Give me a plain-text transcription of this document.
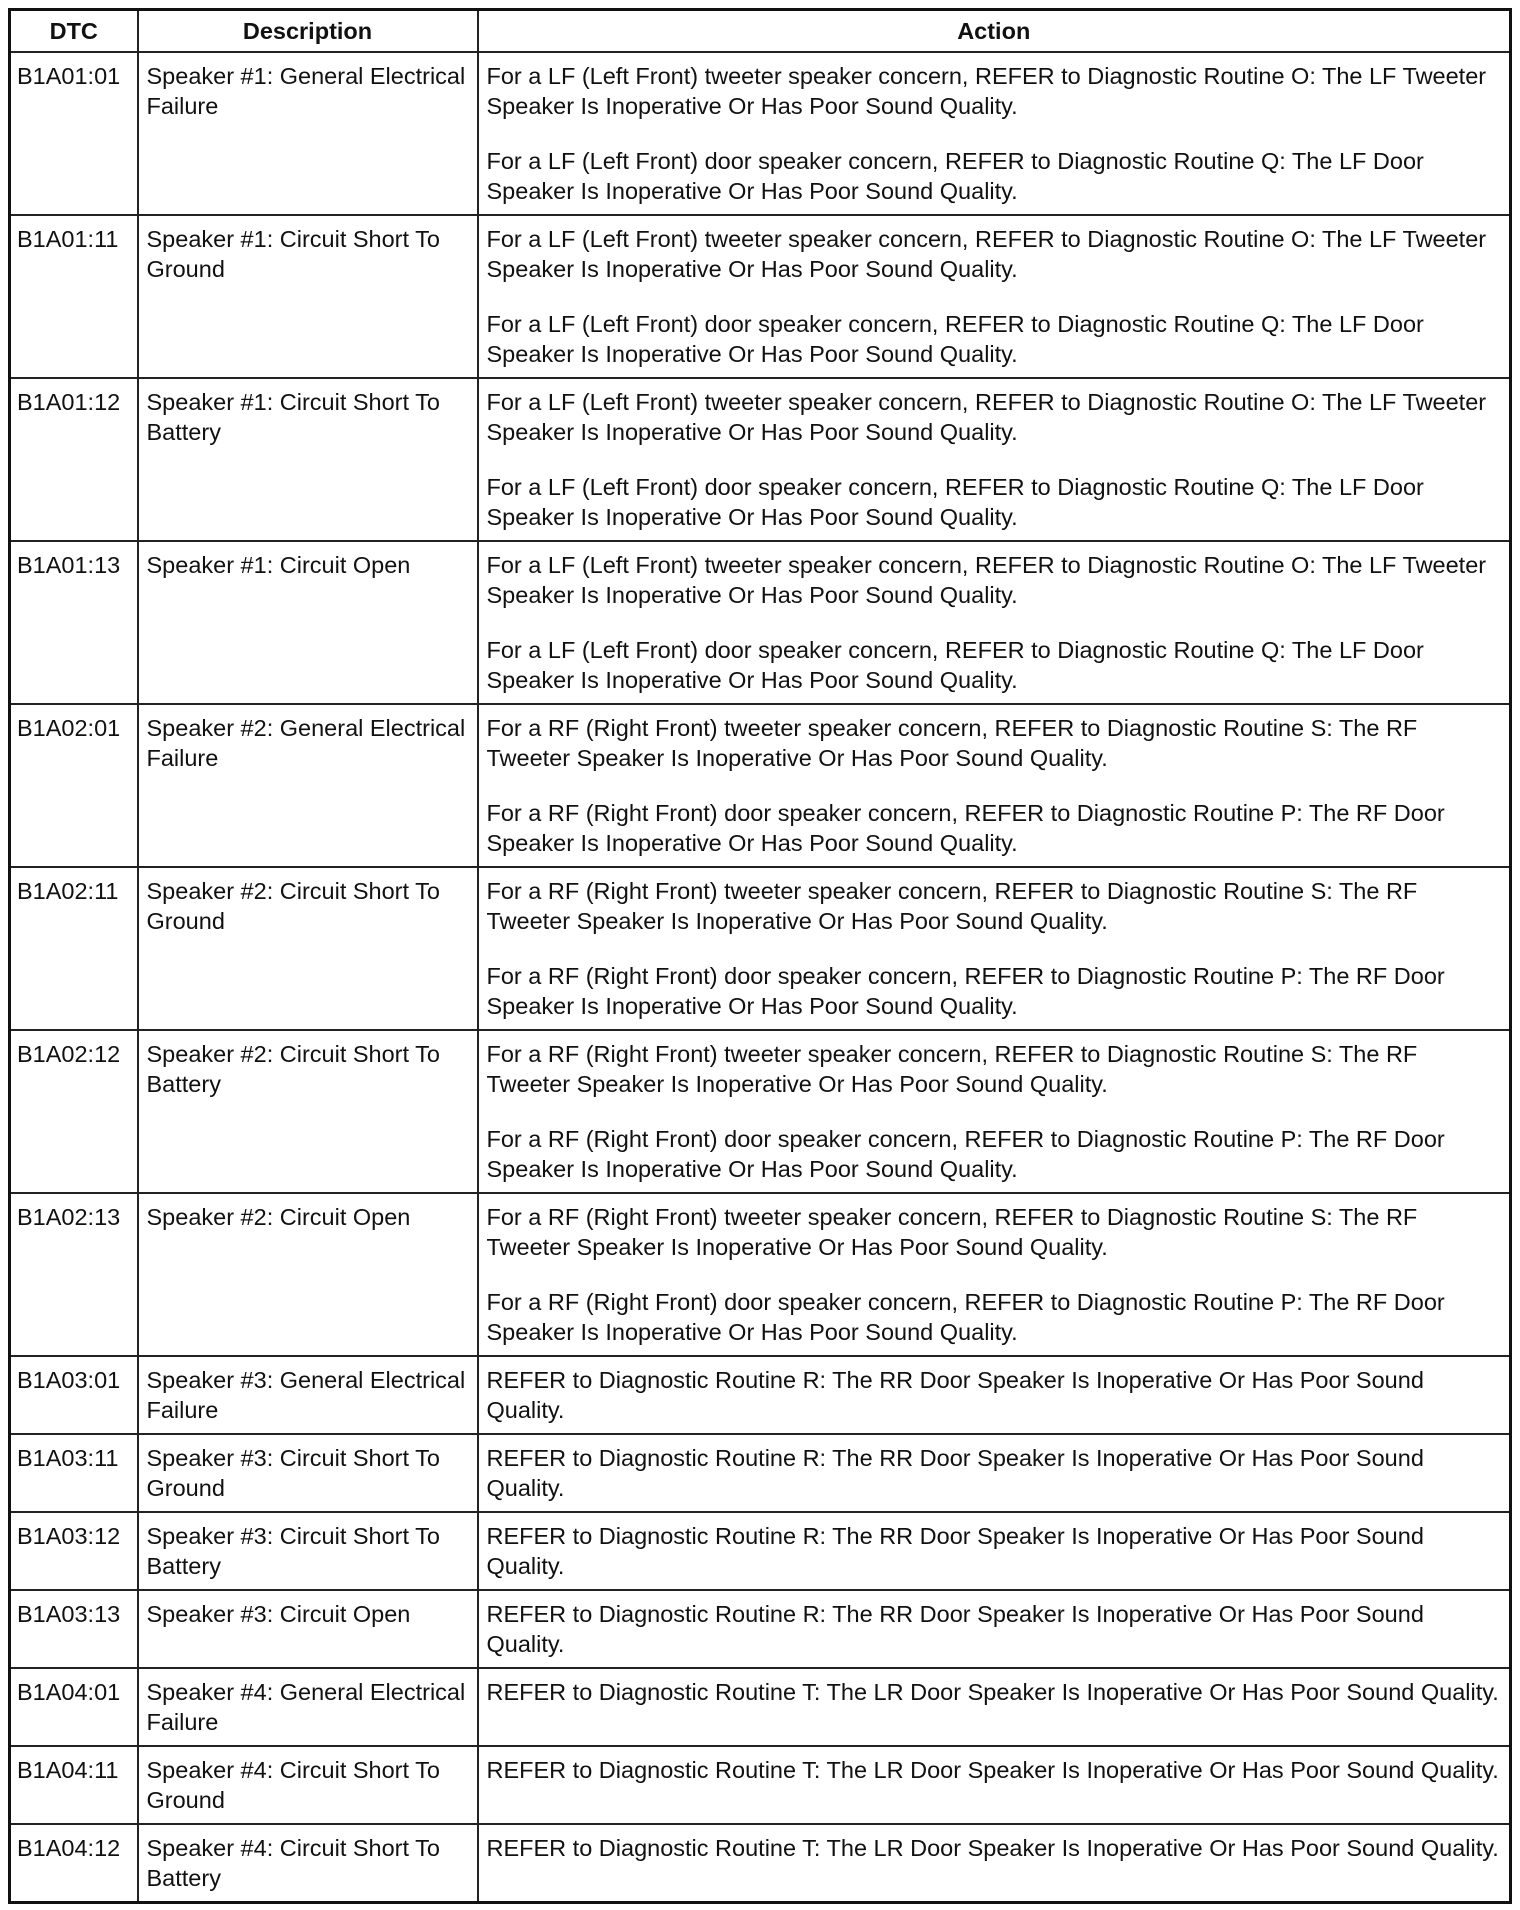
DTC	Description	Action
B1A01:01	Speaker #1: General Electrical Failure	For a LF (Left Front) tweeter speaker concern, REFER to Diagnostic Routine O: The LF Tweeter Speaker Is Inoperative Or Has Poor Sound Quality.
For a LF (Left Front) door speaker concern, REFER to Diagnostic Routine Q: The LF Door Speaker Is Inoperative Or Has Poor Sound Quality.

B1A01:11	Speaker #1: Circuit Short To Ground	For a LF (Left Front) tweeter speaker concern, REFER to Diagnostic Routine O: The LF Tweeter Speaker Is Inoperative Or Has Poor Sound Quality.
For a LF (Left Front) door speaker concern, REFER to Diagnostic Routine Q: The LF Door Speaker Is Inoperative Or Has Poor Sound Quality.

B1A01:12	Speaker #1: Circuit Short To Battery	For a LF (Left Front) tweeter speaker concern, REFER to Diagnostic Routine O: The LF Tweeter Speaker Is Inoperative Or Has Poor Sound Quality.
For a LF (Left Front) door speaker concern, REFER to Diagnostic Routine Q: The LF Door Speaker Is Inoperative Or Has Poor Sound Quality.

B1A01:13	Speaker #1: Circuit Open	For a LF (Left Front) tweeter speaker concern, REFER to Diagnostic Routine O: The LF Tweeter Speaker Is Inoperative Or Has Poor Sound Quality.
For a LF (Left Front) door speaker concern, REFER to Diagnostic Routine Q: The LF Door Speaker Is Inoperative Or Has Poor Sound Quality.

B1A02:01	Speaker #2: General Electrical Failure	For a RF (Right Front) tweeter speaker concern, REFER to Diagnostic Routine S: The RF Tweeter Speaker Is Inoperative Or Has Poor Sound Quality.
For a RF (Right Front) door speaker concern, REFER to Diagnostic Routine P: The RF Door Speaker Is Inoperative Or Has Poor Sound Quality.

B1A02:11	Speaker #2: Circuit Short To Ground	For a RF (Right Front) tweeter speaker concern, REFER to Diagnostic Routine S: The RF Tweeter Speaker Is Inoperative Or Has Poor Sound Quality.
For a RF (Right Front) door speaker concern, REFER to Diagnostic Routine P: The RF Door Speaker Is Inoperative Or Has Poor Sound Quality.

B1A02:12	Speaker #2: Circuit Short To Battery	For a RF (Right Front) tweeter speaker concern, REFER to Diagnostic Routine S: The RF Tweeter Speaker Is Inoperative Or Has Poor Sound Quality.
For a RF (Right Front) door speaker concern, REFER to Diagnostic Routine P: The RF Door Speaker Is Inoperative Or Has Poor Sound Quality.

B1A02:13	Speaker #2: Circuit Open	For a RF (Right Front) tweeter speaker concern, REFER to Diagnostic Routine S: The RF Tweeter Speaker Is Inoperative Or Has Poor Sound Quality.
For a RF (Right Front) door speaker concern, REFER to Diagnostic Routine P: The RF Door Speaker Is Inoperative Or Has Poor Sound Quality.

B1A03:01	Speaker #3: General Electrical Failure	REFER to Diagnostic Routine R: The RR Door Speaker Is Inoperative Or Has Poor Sound Quality.

B1A03:11	Speaker #3: Circuit Short To Ground	REFER to Diagnostic Routine R: The RR Door Speaker Is Inoperative Or Has Poor Sound Quality.

B1A03:12	Speaker #3: Circuit Short To Battery	REFER to Diagnostic Routine R: The RR Door Speaker Is Inoperative Or Has Poor Sound Quality.

B1A03:13	Speaker #3: Circuit Open	REFER to Diagnostic Routine R: The RR Door Speaker Is Inoperative Or Has Poor Sound Quality.

B1A04:01	Speaker #4: General Electrical Failure	REFER to Diagnostic Routine T: The LR Door Speaker Is Inoperative Or Has Poor Sound Quality.

B1A04:11	Speaker #4: Circuit Short To Ground	REFER to Diagnostic Routine T: The LR Door Speaker Is Inoperative Or Has Poor Sound Quality.

B1A04:12	Speaker #4: Circuit Short To Battery	REFER to Diagnostic Routine T: The LR Door Speaker Is Inoperative Or Has Poor Sound Quality.
